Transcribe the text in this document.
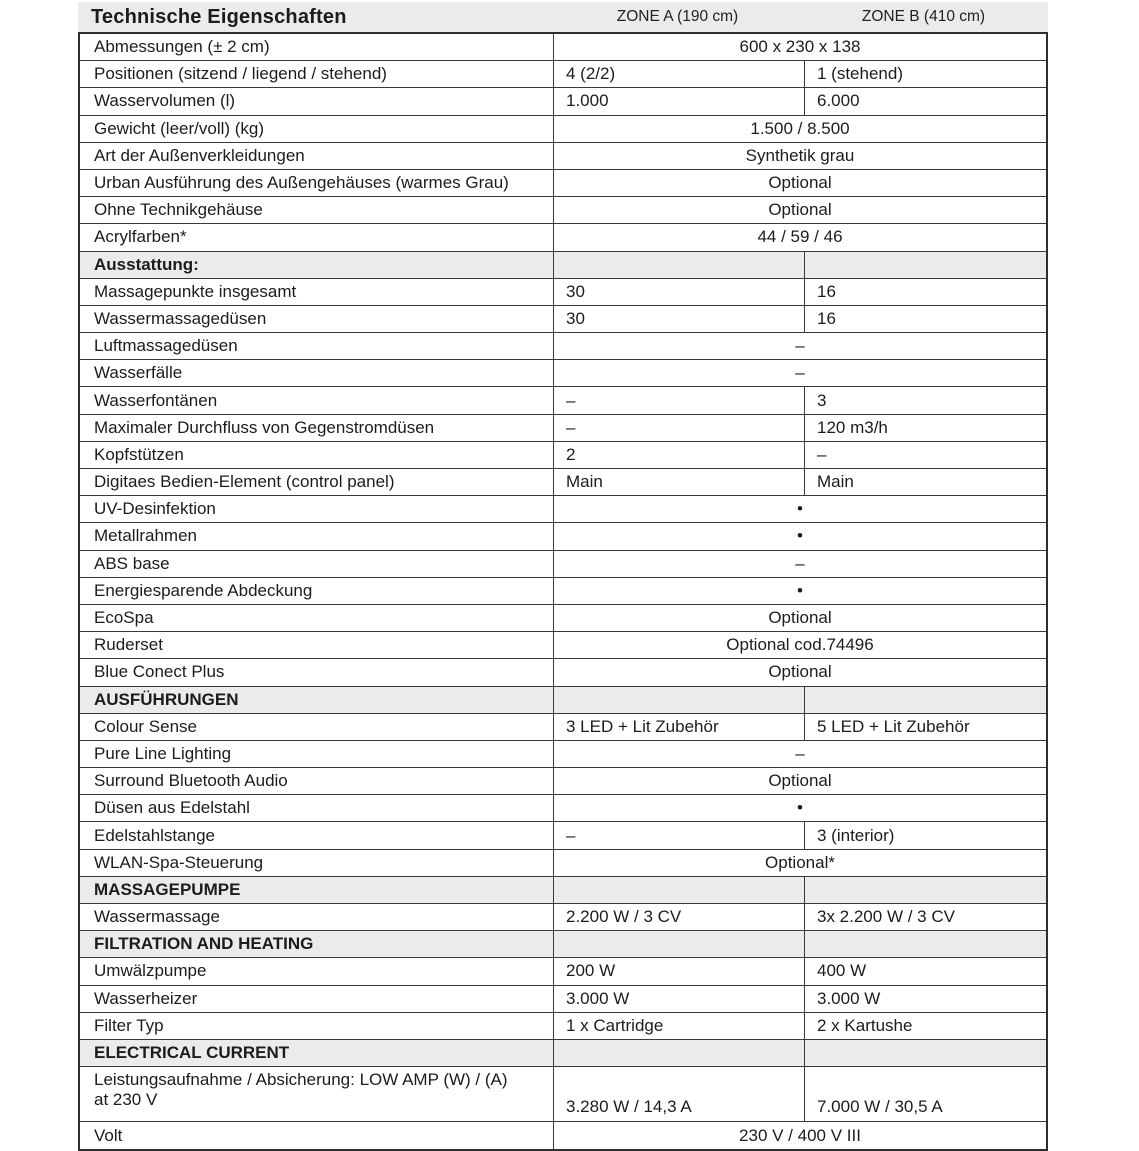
Technische Eigenschaften	ZONE A (190 cm)	ZONE B (410 cm)
Abmessungen (± 2 cm)	600 x 230 x 138
Positionen (sitzend / liegend / stehend)	4 (2/2)	1 (stehend)
Wasservolumen (l)	1.000	6.000
Gewicht (leer/voll) (kg)	1.500 / 8.500
Art der Außenverkleidungen	Synthetik grau
Urban Ausführung des Außengehäuses (warmes Grau)	Optional
Ohne Technikgehäuse	Optional
Acrylfarben*	44 / 59 / 46
Ausstattung:
Massagepunkte insgesamt	30	16
Wassermassagedüsen	30	16
Luftmassagedüsen	–
Wasserfälle	–
Wasserfontänen	–	3
Maximaler Durchfluss von Gegenstromdüsen	–	120 m3/h
Kopfstützen	2	–
Digitaes Bedien-Element (control panel)	Main	Main
UV-Desinfektion	•
Metallrahmen	•
ABS base	–
Energiesparende Abdeckung	•
EcoSpa	Optional
Ruderset	Optional cod.74496
Blue Conect Plus	Optional
AUSFÜHRUNGEN
Colour Sense	3 LED + Lit Zubehör	5 LED + Lit Zubehör
Pure Line Lighting	–
Surround Bluetooth Audio	Optional
Düsen aus Edelstahl	•
Edelstahlstange	–	3 (interior)
WLAN-Spa-Steuerung	Optional*
MASSAGEPUMPE
Wassermassage	2.200 W / 3 CV	3x 2.200 W / 3 CV
FILTRATION AND HEATING
Umwälzpumpe	200 W	400 W
Wasserheizer	3.000 W	3.000 W
Filter Typ	1 x Cartridge	2 x Kartushe
ELECTRICAL CURRENT
Leistungsaufnahme / Absicherung: LOW AMP (W) / (A)
at 230 V	3.280 W / 14,3 A	7.000 W / 30,5 A
Volt	230 V / 400 V III
